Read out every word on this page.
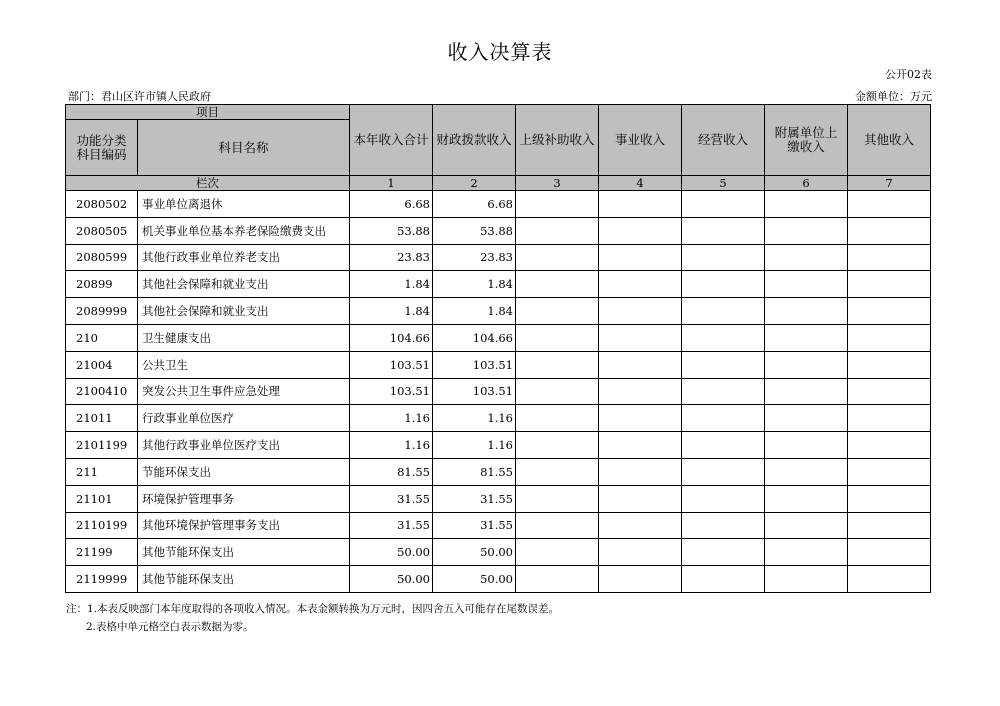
收入决算表
公开02表
部门：君山区许市镇人民政府	金额单位：万元
项目		本年收入合计	财政拨款收入	上级补助收入	事业收入	经营收入	附属单位上缴收入	其他收入
功能分类科目编码	科目名称							
栏次		1	2	3	4	5	6	7
2080502	事业单位离退休	6.68	6.68					
2080505	机关事业单位基本养老保险缴费支出	53.88	53.88					
2080599	其他行政事业单位养老支出	23.83	23.83					
20899	其他社会保障和就业支出	1.84	1.84					
2089999	其他社会保障和就业支出	1.84	1.84					
210	卫生健康支出	104.66	104.66					
21004	公共卫生	103.51	103.51					
2100410	突发公共卫生事件应急处理	103.51	103.51					
21011	行政事业单位医疗	1.16	1.16					
2101199	其他行政事业单位医疗支出	1.16	1.16					
211	节能环保支出	81.55	81.55					
21101	环境保护管理事务	31.55	31.55					
2110199	其他环境保护管理事务支出	31.55	31.55					
21199	其他节能环保支出	50.00	50.00					
2119999	其他节能环保支出	50.00	50.00					
注：1.本表反映部门本年度取得的各项收入情况。本表金额转换为万元时，因四舍五入可能存在尾数误差。
2.表格中单元格空白表示数据为零。
